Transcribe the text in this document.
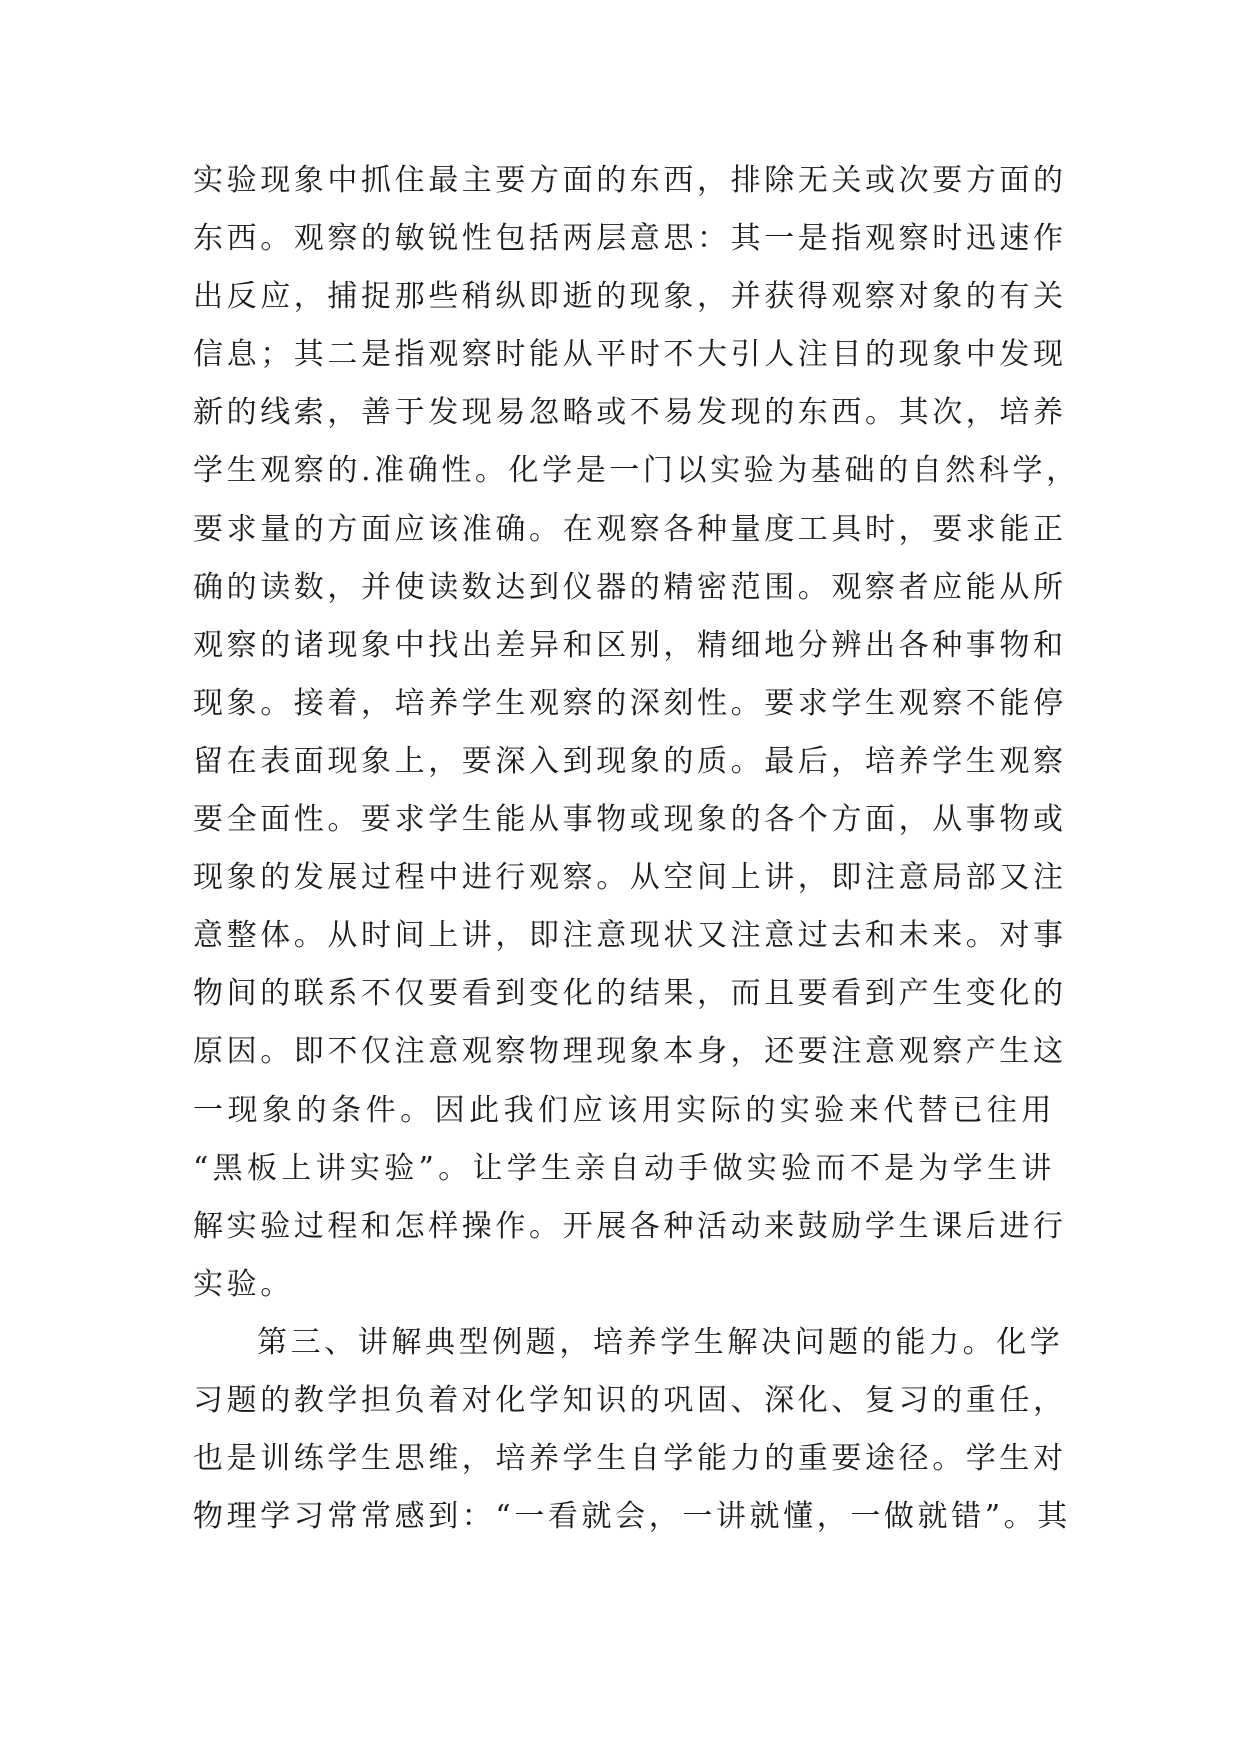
实验现象中抓住最主要方面的东西，排除无关或次要方面的
东西。观察的敏锐性包括两层意思：其一是指观察时迅速作
出反应，捕捉那些稍纵即逝的现象，并获得观察对象的有关
信息；其二是指观察时能从平时不大引人注目的现象中发现
新的线索，善于发现易忽略或不易发现的东西。其次，培养
学生观察的.准确性。化学是一门以实验为基础的自然科学，
要求量的方面应该准确。在观察各种量度工具时，要求能正
确的读数，并使读数达到仪器的精密范围。观察者应能从所
观察的诸现象中找出差异和区别，精细地分辨出各种事物和
现象。接着，培养学生观察的深刻性。要求学生观察不能停
留在表面现象上，要深入到现象的质。最后，培养学生观察
要全面性。要求学生能从事物或现象的各个方面，从事物或
现象的发展过程中进行观察。从空间上讲，即注意局部又注
意整体。从时间上讲，即注意现状又注意过去和未来。对事
物间的联系不仅要看到变化的结果，而且要看到产生变化的
原因。即不仅注意观察物理现象本身，还要注意观察产生这
一现象的条件。因此我们应该用实际的实验来代替已往用
“黑板上讲实验”。让学生亲自动手做实验而不是为学生讲
解实验过程和怎样操作。开展各种活动来鼓励学生课后进行
实验。
第三、讲解典型例题，培养学生解决问题的能力。化学
习题的教学担负着对化学知识的巩固、深化、复习的重任，
也是训练学生思维，培养学生自学能力的重要途径。学生对
物理学习常常感到：“一看就会，一讲就懂，一做就错”。其
